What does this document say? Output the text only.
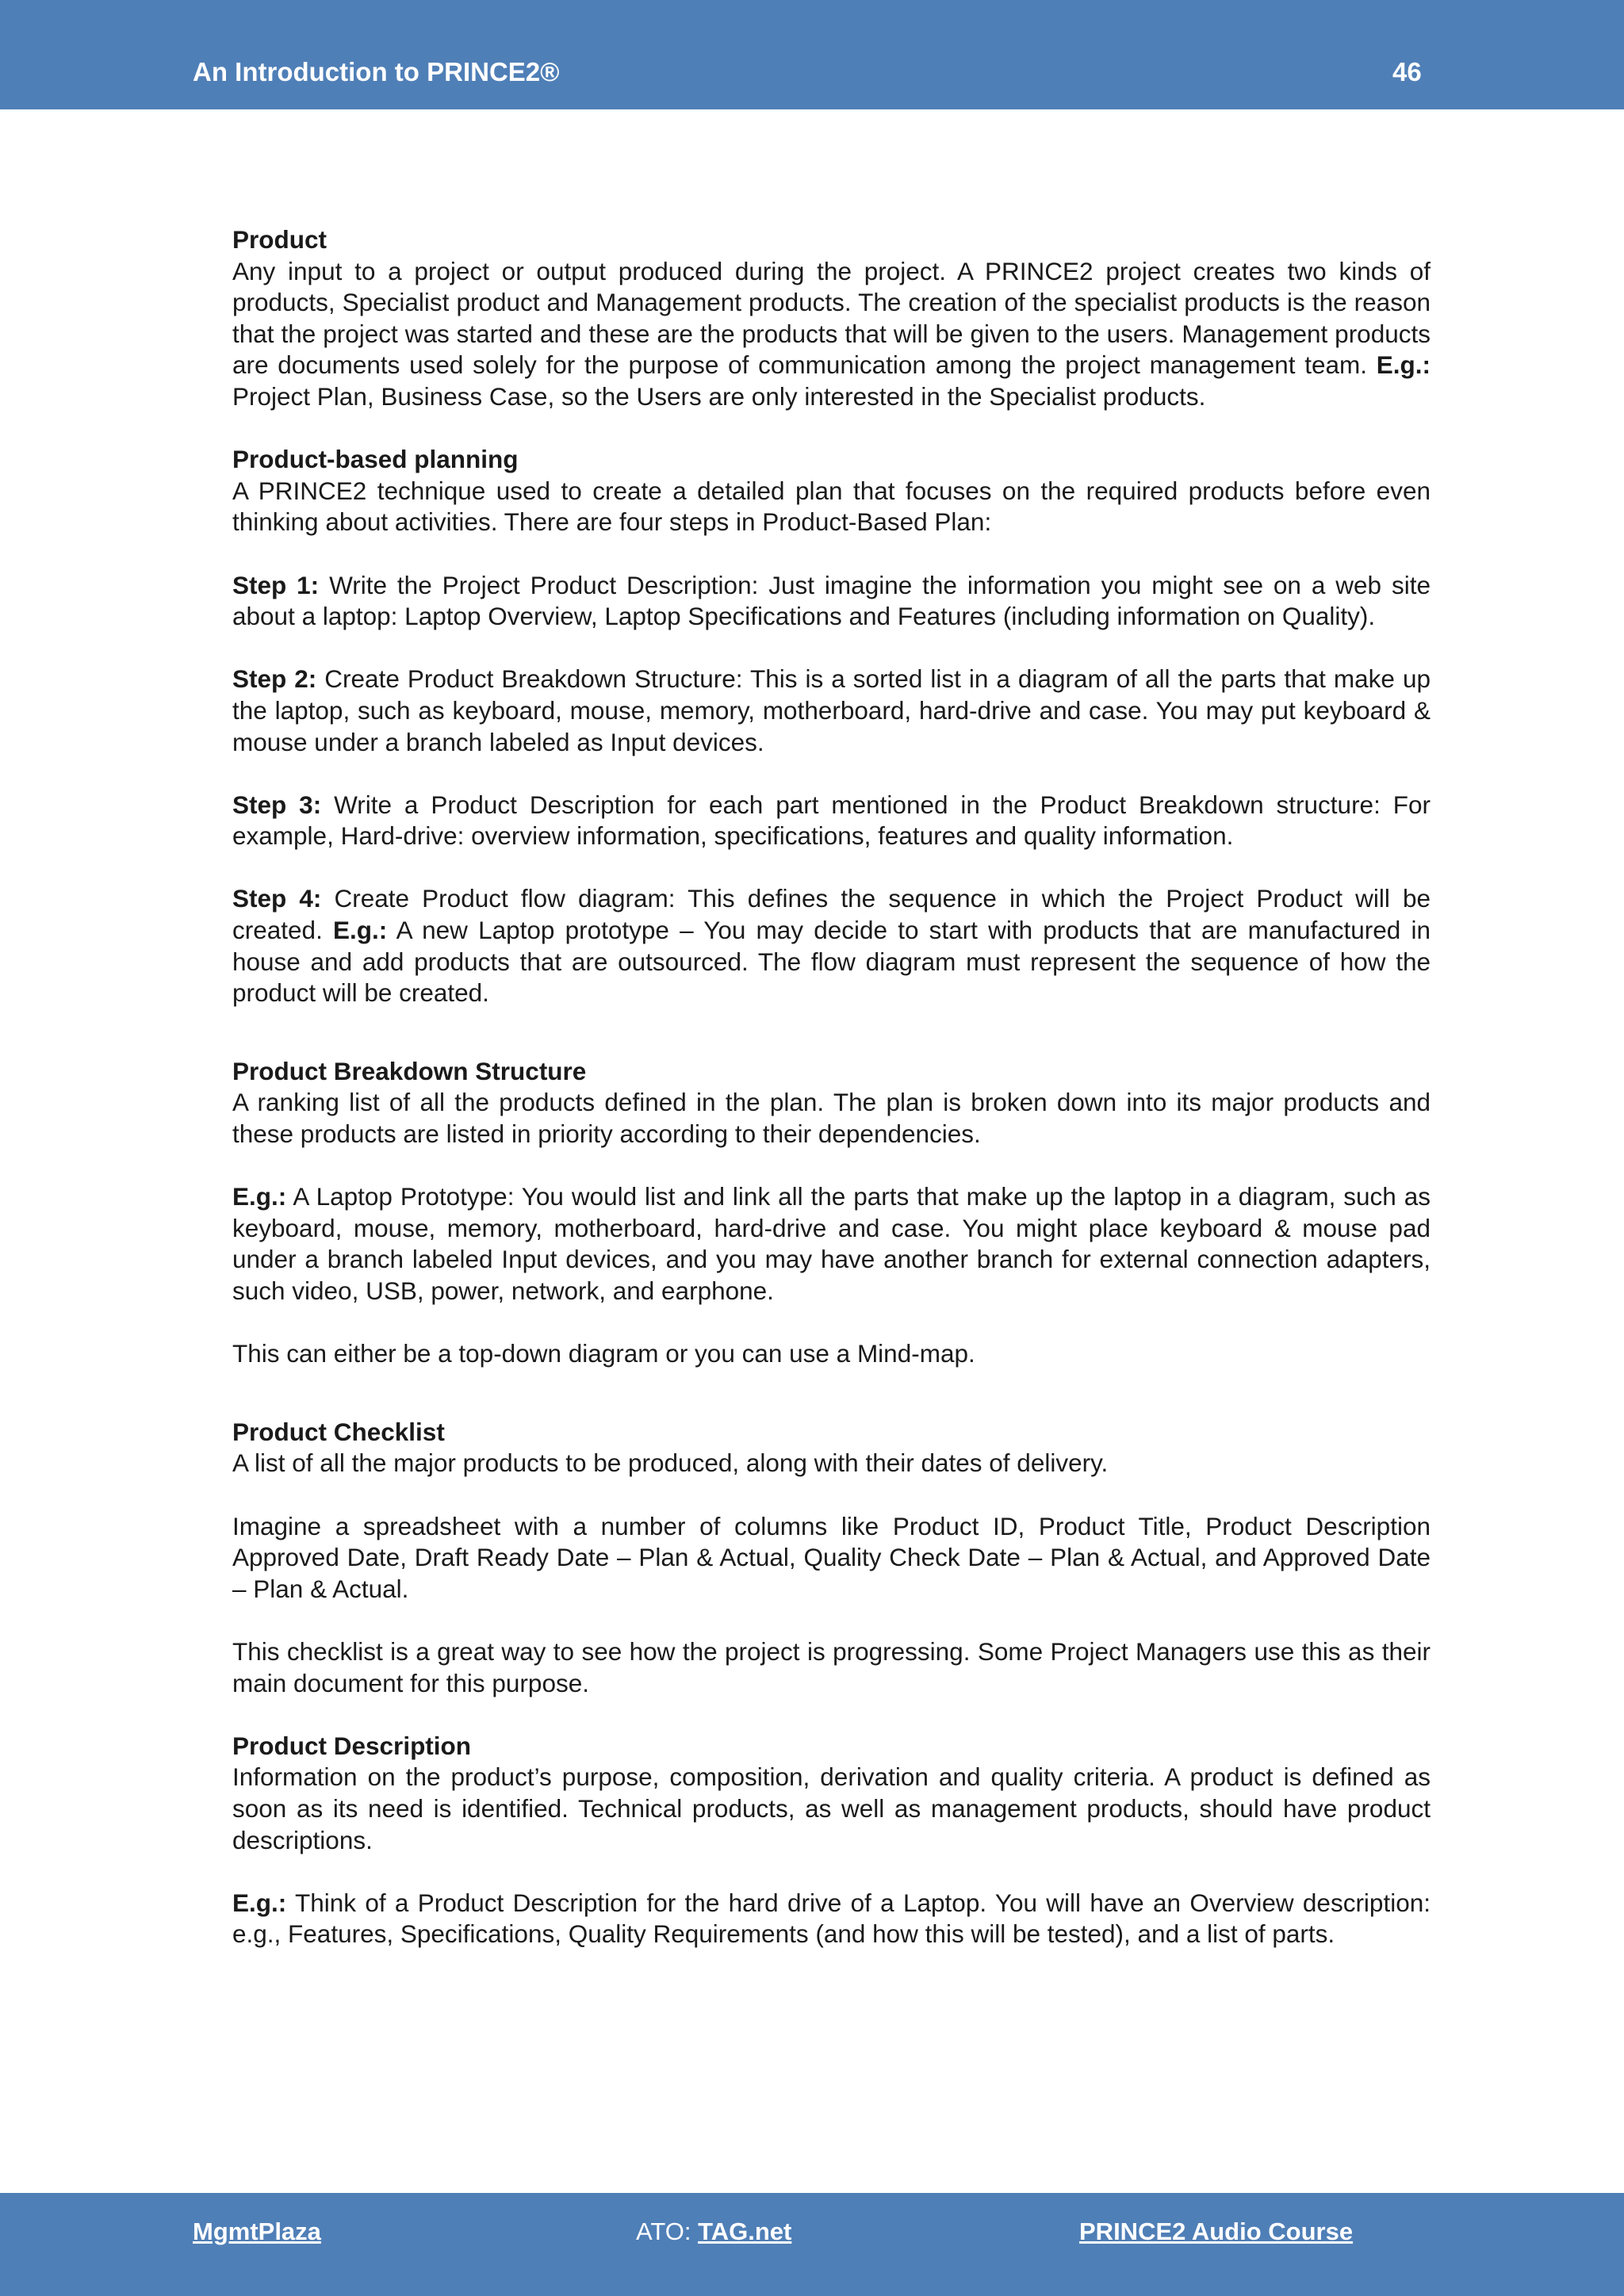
An Introduction to PRINCE2®	46

Product

Any input to a project or output produced during the project. A PRINCE2 project creates two kinds of products, Specialist product and Management products. The creation of the specialist products is the reason that the project was started and these are the products that will be given to the users. Management products are documents used solely for the purpose of communication among the project management team. E.g.: Project Plan, Business Case, so the Users are only interested in the Specialist products.

Product-based planning

A PRINCE2 technique used to create a detailed plan that focuses on the required products before even thinking about activities. There are four steps in Product-Based Plan:

Step 1: Write the Project Product Description: Just imagine the information you might see on a web site about a laptop: Laptop Overview, Laptop Specifications and Features (including information on Quality).

Step 2: Create Product Breakdown Structure: This is a sorted list in a diagram of all the parts that make up the laptop, such as keyboard, mouse, memory, motherboard, hard-drive and case. You may put keyboard & mouse under a branch labeled as Input devices.

Step 3: Write a Product Description for each part mentioned in the Product Breakdown structure: For example, Hard-drive: overview information, specifications, features and quality information.

Step 4: Create Product flow diagram: This defines the sequence in which the Project Product will be created. E.g.: A new Laptop prototype – You may decide to start with products that are manufactured in house and add products that are outsourced. The flow diagram must represent the sequence of how the product will be created.

Product Breakdown Structure

A ranking list of all the products defined in the plan. The plan is broken down into its major products and these products are listed in priority according to their dependencies.

E.g.: A Laptop Prototype: You would list and link all the parts that make up the laptop in a diagram, such as keyboard, mouse, memory, motherboard, hard-drive and case. You might place keyboard & mouse pad under a branch labeled Input devices, and you may have another branch for external connection adapters, such video, USB, power, network, and earphone.

This can either be a top-down diagram or you can use a Mind-map.

Product Checklist

A list of all the major products to be produced, along with their dates of delivery.

Imagine a spreadsheet with a number of columns like Product ID, Product Title, Product Description Approved Date, Draft Ready Date – Plan & Actual, Quality Check Date – Plan & Actual, and Approved Date – Plan & Actual.

This checklist is a great way to see how the project is progressing. Some Project Managers use this as their main document for this purpose.

Product Description

Information on the product’s purpose, composition, derivation and quality criteria. A product is defined as soon as its need is identified. Technical products, as well as management products, should have product descriptions.

E.g.: Think of a Product Description for the hard drive of a Laptop. You will have an Overview description: e.g., Features, Specifications, Quality Requirements (and how this will be tested), and a list of parts.

MgmtPlaza	ATO: TAG.net	PRINCE2 Audio Course
